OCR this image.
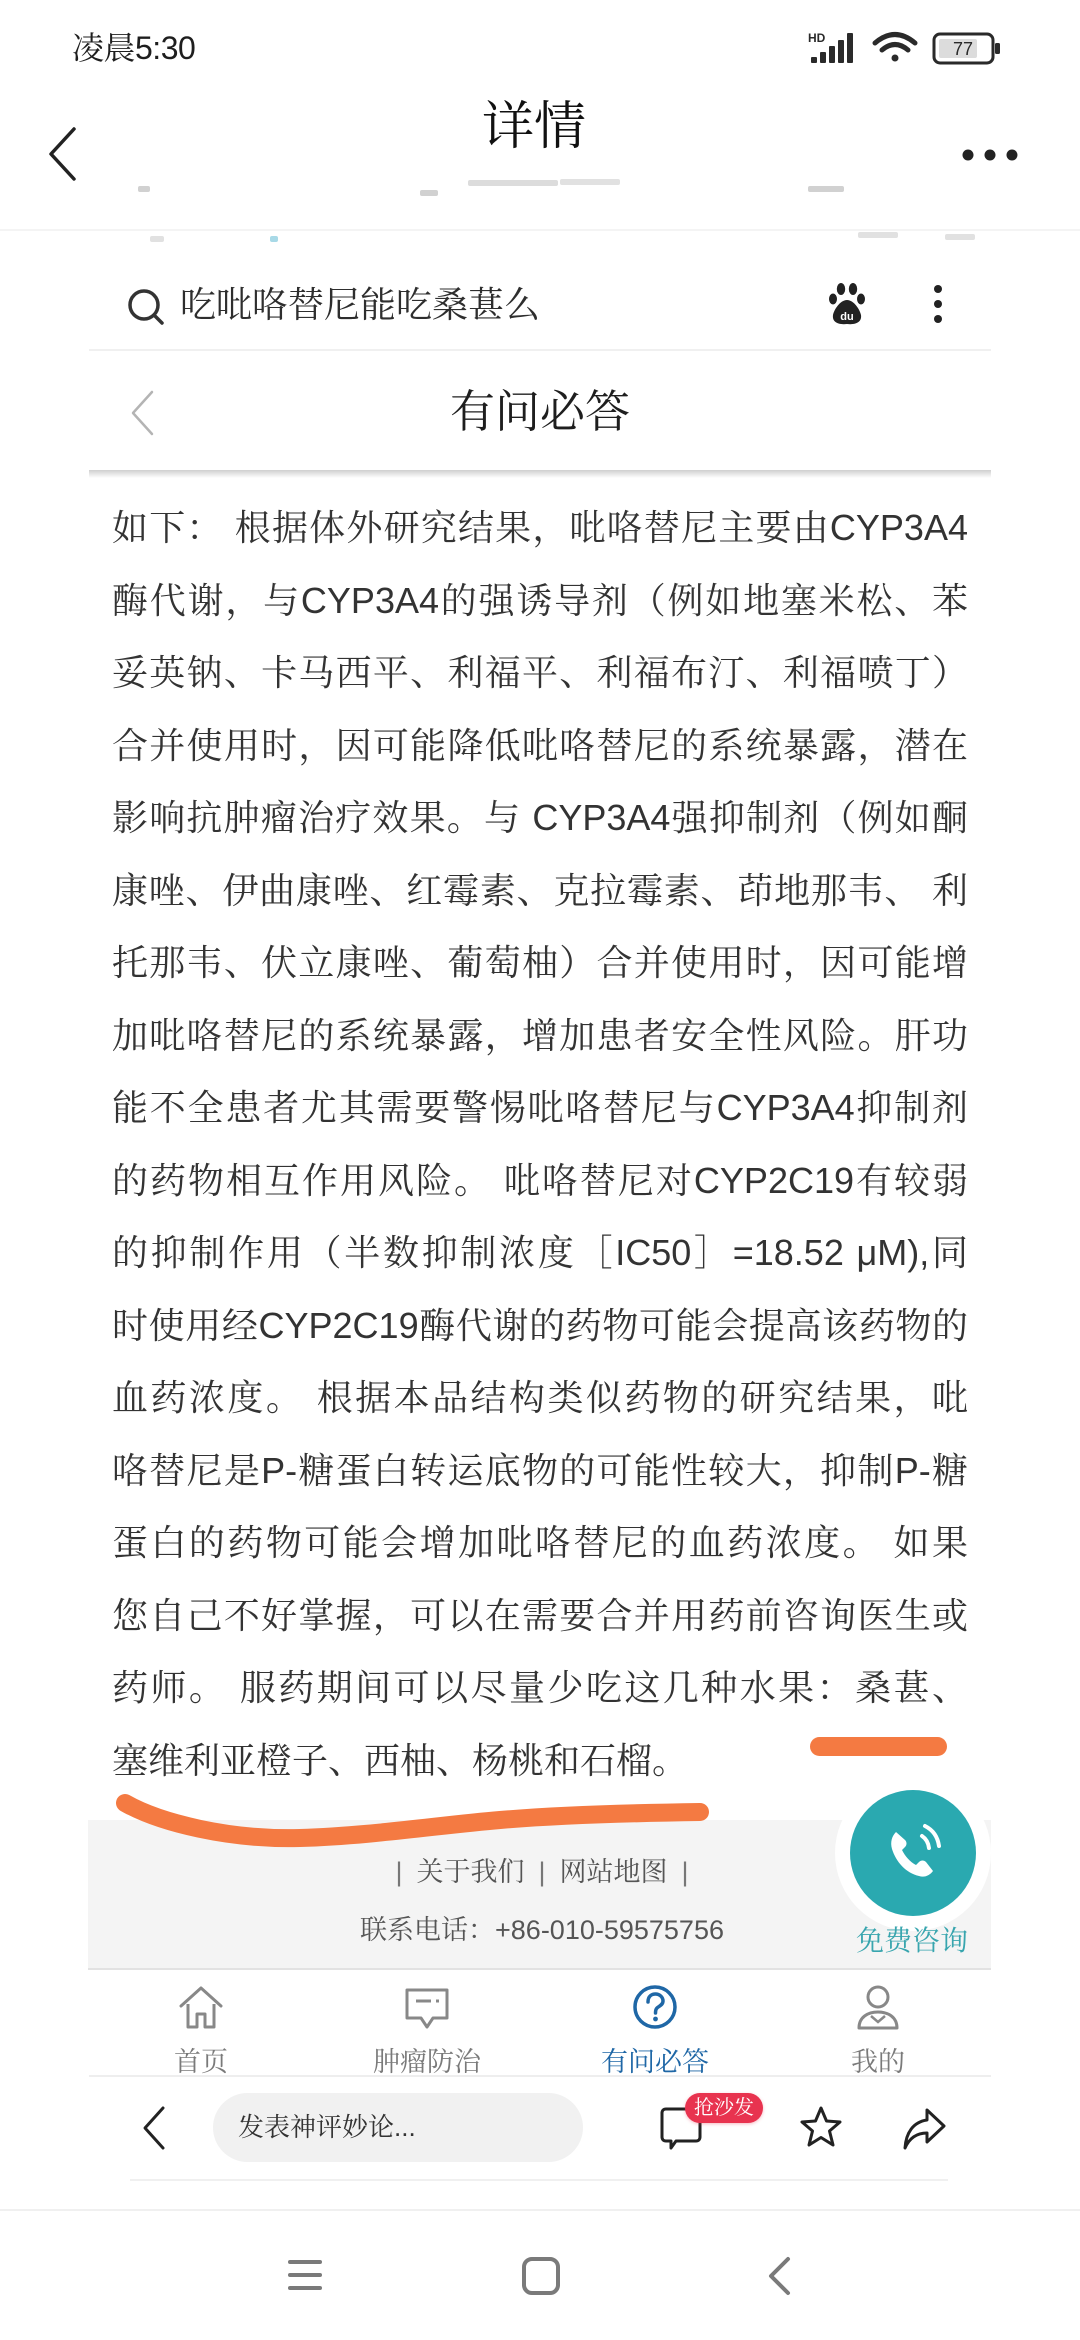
凌晨5:30	HD
77
详情
吃吡咯替尼能吃桑葚么	du
有问必答
如下： 根据体外研究结果，吡咯替尼主要由CYP3A4
酶代谢，与CYP3A4的强诱导剂（例如地塞米松、苯
妥英钠、卡马西平、利福平、利福布汀、利福喷丁）
合并使用时，因可能降低吡咯替尼的系统暴露，潜在
影响抗肿瘤治疗效果。与 CYP3A4强抑制剂（例如酮
康唑、伊曲康唑、红霉素、克拉霉素、茚地那韦、 利
托那韦、伏立康唑、葡萄柚）合并使用时，因可能增
加吡咯替尼的系统暴露，增加患者安全性风险。肝功
能不全患者尤其需要警惕吡咯替尼与CYP3A4抑制剂
的药物相互作用风险。 吡咯替尼对CYP2C19有较弱
的抑制作用（半数抑制浓度［IC50］=18.52 μM),同
时使用经CYP2C19酶代谢的药物可能会提高该药物的
血药浓度。 根据本品结构类似药物的研究结果，吡
咯替尼是P-糖蛋白转运底物的可能性较大，抑制P-糖
蛋白的药物可能会增加吡咯替尼的血药浓度。 如果
您自己不好掌握，可以在需要合并用药前咨询医生或
药师。 服药期间可以尽量少吃这几种水果：桑葚、
塞维利亚橙子、西柚、杨桃和石榴。
| 关于我们 | 网站地图 |
联系电话：+86-010-59575756	免费咨询
首页	肿瘤防治	有问必答	我的
发表神评妙论...
抢沙发
